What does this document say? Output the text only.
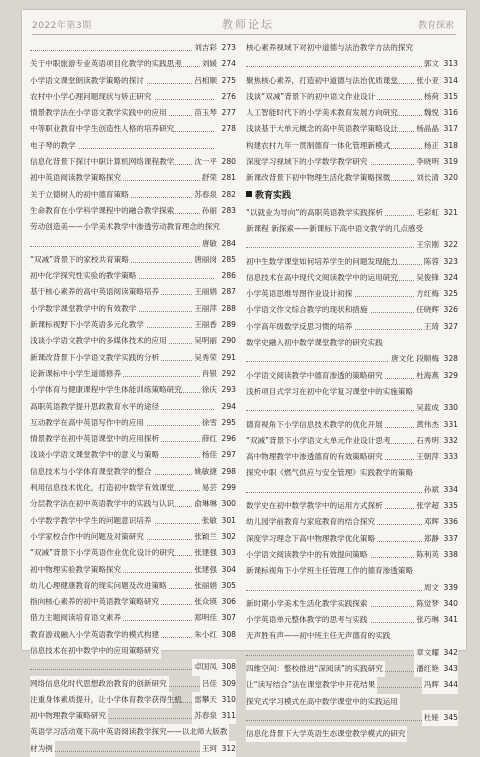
2022年第3期	教师论坛	教育探索
刘吉彩 273
关于中职旅游专业英语项目化教学的实践思考	刘媛 274
小学语文课堂朗读教学策略的探讨	吕相顺 275
农村中小学心理问题现状与矫正研究	276
情景教学法在小学语文教学实践中的应用	苗玉琴 277
中等职业教育中学生创造性人格的培养研究	278
电子琴的教学
信息化背景下探讨中职计算机网络课程教学	沈一平 280
初中英语阅读教学策略探究	舒荣 281
关于立德树人的初中德育策略	苏春泉 282
生命教育在小学科学课程中的融合教学探索	孙丽 283
劳动创造美——小学美术教学中渗透劳动教育理念的探究
唐敏 284
“双减”背景下的家校共育策略	唐丽岗 285
初中化学探究性实验的教学策略	286
基于核心素养的高中英语阅读策略培养	王丽娟 287
小学数学课堂教学中的有效教学	王丽萍 288
新课标视野下小学英语多元化教学	王丽香 289
浅谈小学语文教学中的多媒体技术的应用	吴明丽 290
新课改背景下小学语文教学实践的分析	吴秀荣 291
论新课标中小学生道德修养	肖银 292
小学体育与健康课程中学生体能训练策略研究	徐庆 293
高职英语教学提升思政教育水平的途径	294
互动教学在高中英语写作中的应用	徐雪 295
情景教学在初中英语课堂中的应用探析	薛红 296
浅谈小学语文课堂教学中的意义与策略	杨佳 297
信息技术与小学体育课堂教学的整合	姚敏捷 298
利用信息技术优化，打造初中数学有效课堂	易芸 299
分层教学法在初中英语教学中的实践与认识	俞琳琳 300
小学数学教学中学生的问题意识培养	张敏 301
小学家校合作中的问题及对策研究	张颖兰 302
“双减”背景下小学英语作业优化设计的研究	张建强 303
初中物理实验教学策略探究	张建强 304
幼儿心理健康教育的现实问题及改进策略	张丽娟 305
指向核心素养的初中英语教学策略研究	张众瑛 306
借力主题阅读培育语文素养	郑明佳 307
教育游戏融入小学英语教学的模式构建	朱小红 308
信息技术在初中数学中的应用策略研究
卓国凤 308
网络信息化时代思想政治教育的创新研究	吕佳 309
注重身体素质提升，让小学体育教学获得生机 雷攀天 310
初中物理教学策略研究	苏春泉 311
英语学习活动观下高中英语阅读教学探究——以北师大版教
材为例	王珂 312
核心素养视域下对初中道德与法治教学方法的探究
郭文 313
聚焦核心素养，打造初中道德与法治优质课堂 张小亚 314
浅谈“双减”背景下的初中语文作业设计	杨荷 315
人工智能时代下的小学美术教育发展方向研究	魏悦 316
浅谈基于大单元概念的高中英语教学策略设计 杨晶晶 317
构建农村九年一贯制德育一体化管理新模式	杨正 318
深度学习视域下的小学数学教学研究	李晓明 319
新课改背景下初中物理生活化教学策略探微	刘长清 320
教育实践
“以就业为导向”的高职英语教学实践探析	毛彩虹 321
新课程 新探索——新课标下高中语文教学的几点感受
王宗刚 322
初中生数学课堂如何培养学生的问题发现能力	陈蓉 323
信息技术在高中现代文阅读教学中的运用研究 吴俊锋 324
小学英语思维导图作业设计初探	方红梅 325
小学语文作文综合教学的现状和措施	任晓辉 326
小学高年级数学反思习惯的培养	王琦 327
数学史融入初中数学课堂教学的研究实践
唐文化 段顺梅 328
小学语文阅读教学中德育渗透的策略研究	杜海燕 329
浅析项目式学习在初中化学复习课堂中的实施策略
吴蓝成 330
德育视角下小学信息技术教学的优化开展	黄伟杰 331
“双减”背景下小学语文大单元作业设计思考	石秀明 332
高中物理教学中渗透德育的有效策略研究	王朝萍 333
探究中职《燃气供应与安全管理》实践教学的策略
孙斌 334
数学史在初中数学教学中的运用方式探析	张学超 335
幼儿园学前教育与家庭教育的结合探究	邓辉 336
深度学习理念下高中物理教学优化策略	郑静 337
小学语文阅读教学中的有效提问策略	陈利英 338
新课标视角下小学班主任管理工作的德育渗透策略
周文 339
新时期小学美术生活化教学实践探索	陈觉梦 340
小学英语单元整体教学的思考与实践	张巧琳 341
无声胜有声——初中班主任无声德育的实践
章文耀 342
四维空间：整校推进“深阅读”的实践研究	潘红艳 343
让“读写结合”法在课堂教学中开花结果	冯辉 344
探究式学习模式在高中数学课堂中的实践运用
杜娅 345
信息化背景下大学英语生态课堂教学模式的研究
